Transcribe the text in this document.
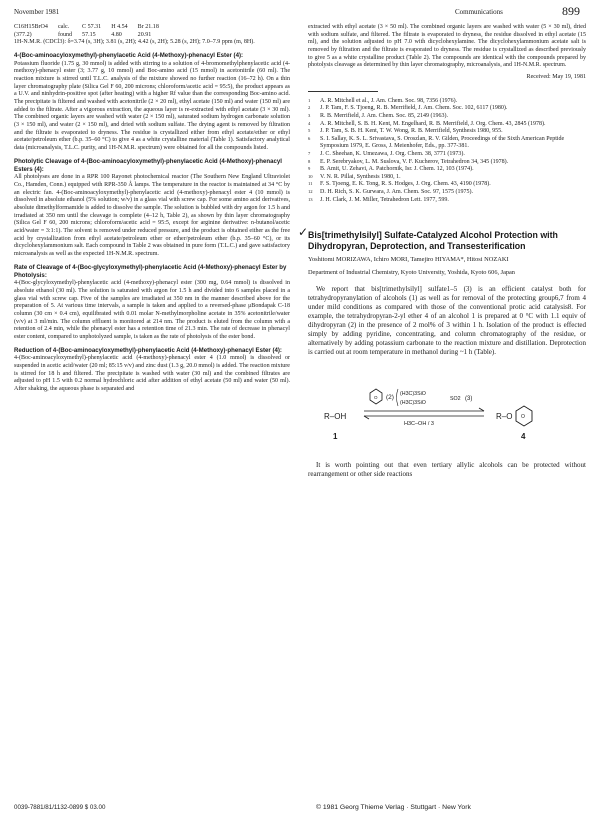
November 1981	Communications	899
C16H15BrO4	calc.	C 57.31	H 4.54	Br 21.18
(377.2)	found	57.15	4.80	20.91

1H-N.M.R. (CDCl3): δ=3.74 (s, 3H); 3.81 (s, 2H); 4.42 (s, 2H); 5.28 (s, 2H); 7.0–7.9 ppm (m, 8H).

4-(Boc-aminoacyloxymethyl)-phenylacetic Acid (4-Methoxy)-phenacyl Ester (4):

Potassium fluoride (1.75 g, 30 mmol) is added with stirring to a solution of 4-bromomethylphenylacetic acid (4-methoxy)-phenacyl ester (3; 3.77 g, 10 mmol) and Boc-amino acid (15 mmol) in acetonitrile (60 ml). The reaction mixture is stirred until T.L.C. analysis of the mixture showed no further reaction (16–72 h). On a thin layer chromatography plate (Silica Gel F 60, 200 microns; chloroform/acetic acid = 95:5), the product appears as a U.V. and ninhydrin-positive spot (after heating) with a higher Rf value than the corresponding Boc-amino acid. The precipitate is filtered and washed with acetonitrile (2 × 20 ml), ethyl acetate (150 ml) and water (150 ml) are added to the filtrate. After a vigorous extraction, the aqueous layer is re-extracted with ethyl acetate (3 × 30 ml). The combined organic layers are washed with water (2 × 150 ml), saturated sodium hydrogen carbonate solution (3 × 150 ml), and water (2 × 150 ml), and dried with sodium sulfate. The drying agent is removed by filtration and the filtrate is evaporated to dryness. The residue is crystallized either from ethyl acetate/ether or ethyl acetate/petroleum ether (b.p. 35–60 °C) to give 4 as a white crystalline material (Table 1). Satisfactory analytical data (microanalysis, T.L.C. purity, and 1H-N.M.R. spectrum) were obtained for all the compounds listed.

Photolytic Cleavage of 4-(Boc-aminoacyloxymethyl)-phenylacetic Acid (4-Methoxy)-phenacyl Esters (4):

All photolyses are done in a RPR 100 Rayonet photochemical reactor (The Southern New England Ultraviolet Co., Hamden, Conn.) equipped with RPR-350 Å lamps. The temperature in the reactor is maintained at 34 °C by an electric fan. 4-(Boc-aminoacyloxymethyl)-phenylacetic acid (4-methoxy)-phenacyl ester 4 (10 mmol) is dissolved in absolute ethanol (5% solution; w/v) in a glass vial with screw cap. For some amino acid derivatives, absolute dimethylformamide is added to dissolve the sample. The solution is bubbled with dry argon for 1.5 h and irradiated at 350 nm until the cleavage is complete (4–12 h, Table 2), as shown by thin layer chromatography (Silica Gel F 60, 200 microns; chloroform/acetic acid = 95:5, except for arginine derivative: n-butanol/acetic acid/water = 3:1:1). The solvent is removed under reduced pressure, and the product is obtained either as the free acid by crystallization from ethyl acetate/petroleum ether or ether/petroleum ether (b.p. 35–60 °C), or its dicyclohexylammonium salt. Each compound in Table 2 was obtained in pure form (T.L.C.) and gave satisfactory microanalysis as well as the expected 1H-N.M.R. spectrum.

Rate of Cleavage of 4-(Boc-glycyloxymethyl)-phenylacetic Acid (4-Methoxy)-phenacyl Ester by Photolysis:

4-(Boc-glycyloxymethyl)-phenylacetic acid (4-methoxy)-phenacyl ester (300 mg, 0.64 mmol) is dissolved in absolute ethanol (30 ml). The solution is saturated with argon for 1.5 h and divided into 6 samples placed in a glass vial with screw cap. Five of the samples are irradiated at 350 nm in the manner described above for the preparation of 5. At various time intervals, a sample is taken and applied to a reversed-phase μBondapak C-18 column (30 cm × 0.4 cm), equilibrated with 0.01 molar N-methylmorpholine acetate in 35% acetonitrile/water (v/v) at 3 ml/min. The column effluent is monitored at 214 nm. The product is eluted from the column with a retention of 2.4 min, while the phenacyl ester has a retention time of 21.3 min. The rate of decrease in phenacyl ester content, compared to unphotolyzed sample, is taken as the rate of photolysis of the ester bond.

Reduction of 4-(Boc-aminoacyloxymethyl)-phenylacetic Acid (4-Methoxy)-phenacyl Ester (4):

4-(Boc-aminoacyloxymethyl)-phenylacetic acid (4-methoxy)-phenacyl ester 4 (1.0 mmol) is dissolved or suspended in acetic acid/water (20 ml; 85:15 v/v) and zinc dust (1.3 g, 20.0 mmol) is added. The reaction mixture is stirred for 18 h and filtered. The precipitate is washed with water (30 ml) and the combined filtrates are adjusted to pH 1.5 with 0.2 normal hydrochloric acid after addition of ethyl acetate (50 ml) and water (50 ml). After shaking, the aqueous phase is separated and

extracted with ethyl acetate (3 × 50 ml). The combined organic layers are washed with water (5 × 30 ml), dried with sodium sulfate, and filtered. The filtrate is evaporated to dryness, the residue dissolved in ethyl acetate (15 ml), and the solution adjusted to pH 7.0 with dicyclohexylamine. The dicyclohexylammonium acetate salt is removed by filtration and the filtrate is evaporated to dryness. The residue is crystallized as described previously to give 5 as a white crystalline product (Table 2). The compounds are identical with the compounds prepared by photolysis cleavage as determined by thin layer chromatography, microanalysis, and 1H-N.M.R. spectrum.

Received: May 19, 1981
1 A. R. Mitchell et al., J. Am. Chem. Soc. 98, 7356 (1976).
2 J. P. Tam, F. S. Tjoeng, R. B. Merrifield, J. Am. Chem. Soc. 102, 6117 (1980).
3 R. B. Merrifield, J. Am. Chem. Soc. 85, 2149 (1963).
4 A. R. Mitchell, S. B. H. Kent, M. Engelhard, R. B. Merrifield, J. Org. Chem. 43, 2845 (1978).
5 J. P. Tam, S. B. H. Kent, T. W. Wong, R. B. Merrifield, Synthesis 1980, 955.
6 S. I. Sallay, K. S. L. Srivastava, S. Oroszlan, R. V. Gilden, Proceedings of the Sixth American Peptide Symposium 1979, E. Gross, J. Meienhofer, Eds., pp. 377-381.
7 J. C. Sheehan, K. Umezawa, J. Org. Chem. 38, 3771 (1973).
8 E. P. Serebryakov, L. M. Suslova, V. F. Kucherov, Tetrahedron 34, 345 (1978).
9 B. Amit, U. Zehavi, A. Patchornik, Isr. J. Chem. 12, 103 (1974).
10 V. N. R. Pillai, Synthesis 1980, 1.
11 F. S. Tjoeng, E. K. Tong, R. S. Hodges, J. Org. Chem. 43, 4190 (1978).
12 D. H. Rich, S. K. Gurwara, J. Am. Chem. Soc. 97, 1575 (1975).
13 J. H. Clark, J. M. Miller, Tetrahedron Lett. 1977, 599.
✓ Bis[trimethylsilyl] Sulfate-Catalyzed Alcohol Protection with Dihydropyran, Deprotection, and Transesterification
Yoshitomi MORIZAWA, Ichiro MORI, Tamejiro HIYAMA*, Hitosi NOZAKI
Department of Industrial Chemistry, Kyoto University, Yoshida, Kyoto 606, Japan

We report that bis[trimethylsilyl] sulfate1–5 (3) is an efficient catalyst both for tetrahydropyranylation of alcohols (1) as well as for removal of the protecting group6,7 from 4 under mild conditions as compared with those of the conventional protic acid catalysis8. For example, the tetrahydropyran-2-yl ether 4 of an alcohol 1 is prepared at 0 °C with 1.1 equiv of dihydropyran (2) in the presence of 2 mol% of 3 within 1 h. Isolation of the product is effected simply by adding pyridine, concentrating, and column chromatography of the residue, or alternatively by adding potassium carbonate to the reaction mixture and distillation. Deprotection is carried out at room temperature in methanol during ~1 h (Table).

R–OH
1
O (2) (H3C)3SiO
(H3C)3SiO
SO2 (3)
H3C–OH / 3
R–O O
4

It is worth pointing out that even tertiary allylic alcohols can be protected without rearrangement or other side reactions

0039-7881/81/1132-0899 $ 03.00	© 1981 Georg Thieme Verlag · Stuttgart · New York
